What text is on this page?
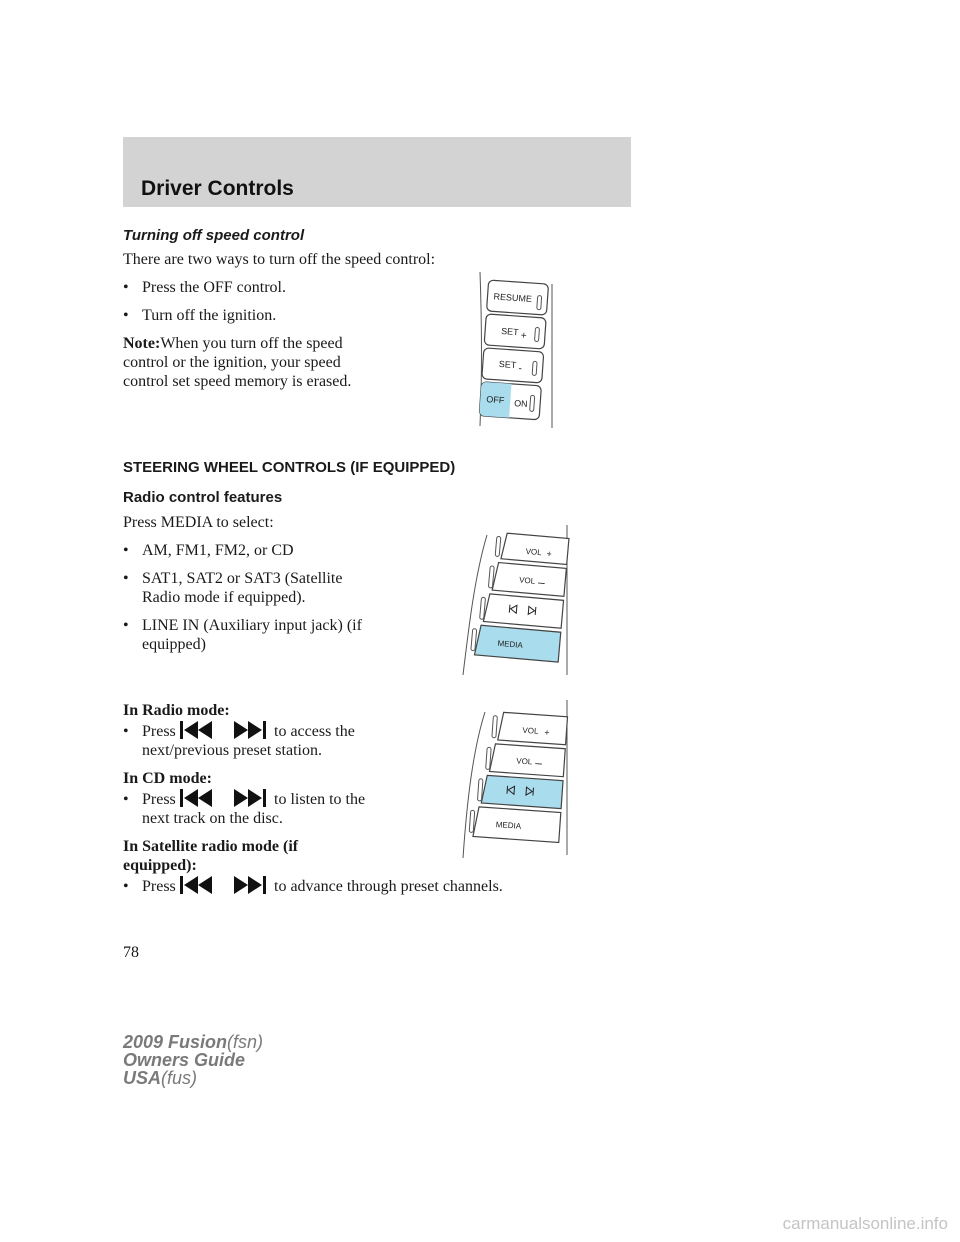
Driver Controls
Turning off speed control
There are two ways to turn off the speed control:
• Press the OFF control.
• Turn off the ignition.
Note:When you turn off the speed
control or the ignition, your speed
control set speed memory is erased.
RESUME
SET +
SET -
OFF ON
STEERING WHEEL CONTROLS (IF EQUIPPED)
Radio control features
Press MEDIA to select:
• AM, FM1, FM2, or CD
• SAT1, SAT2 or SAT3 (Satellite
Radio mode if equipped).
• LINE IN (Auxiliary input jack) (if
equipped)
VOL +
VOL –
MEDIA
In Radio mode:
• Press	to access the
next/previous preset station.
In CD mode:
• Press	to listen to the
next track on the disc.
In Satellite radio mode (if
equipped):
• Press	to advance through preset channels.
VOL +
VOL –
MEDIA
78
2009 Fusion(fsn)
Owners Guide
USA(fus)
carmanualsonline.info
